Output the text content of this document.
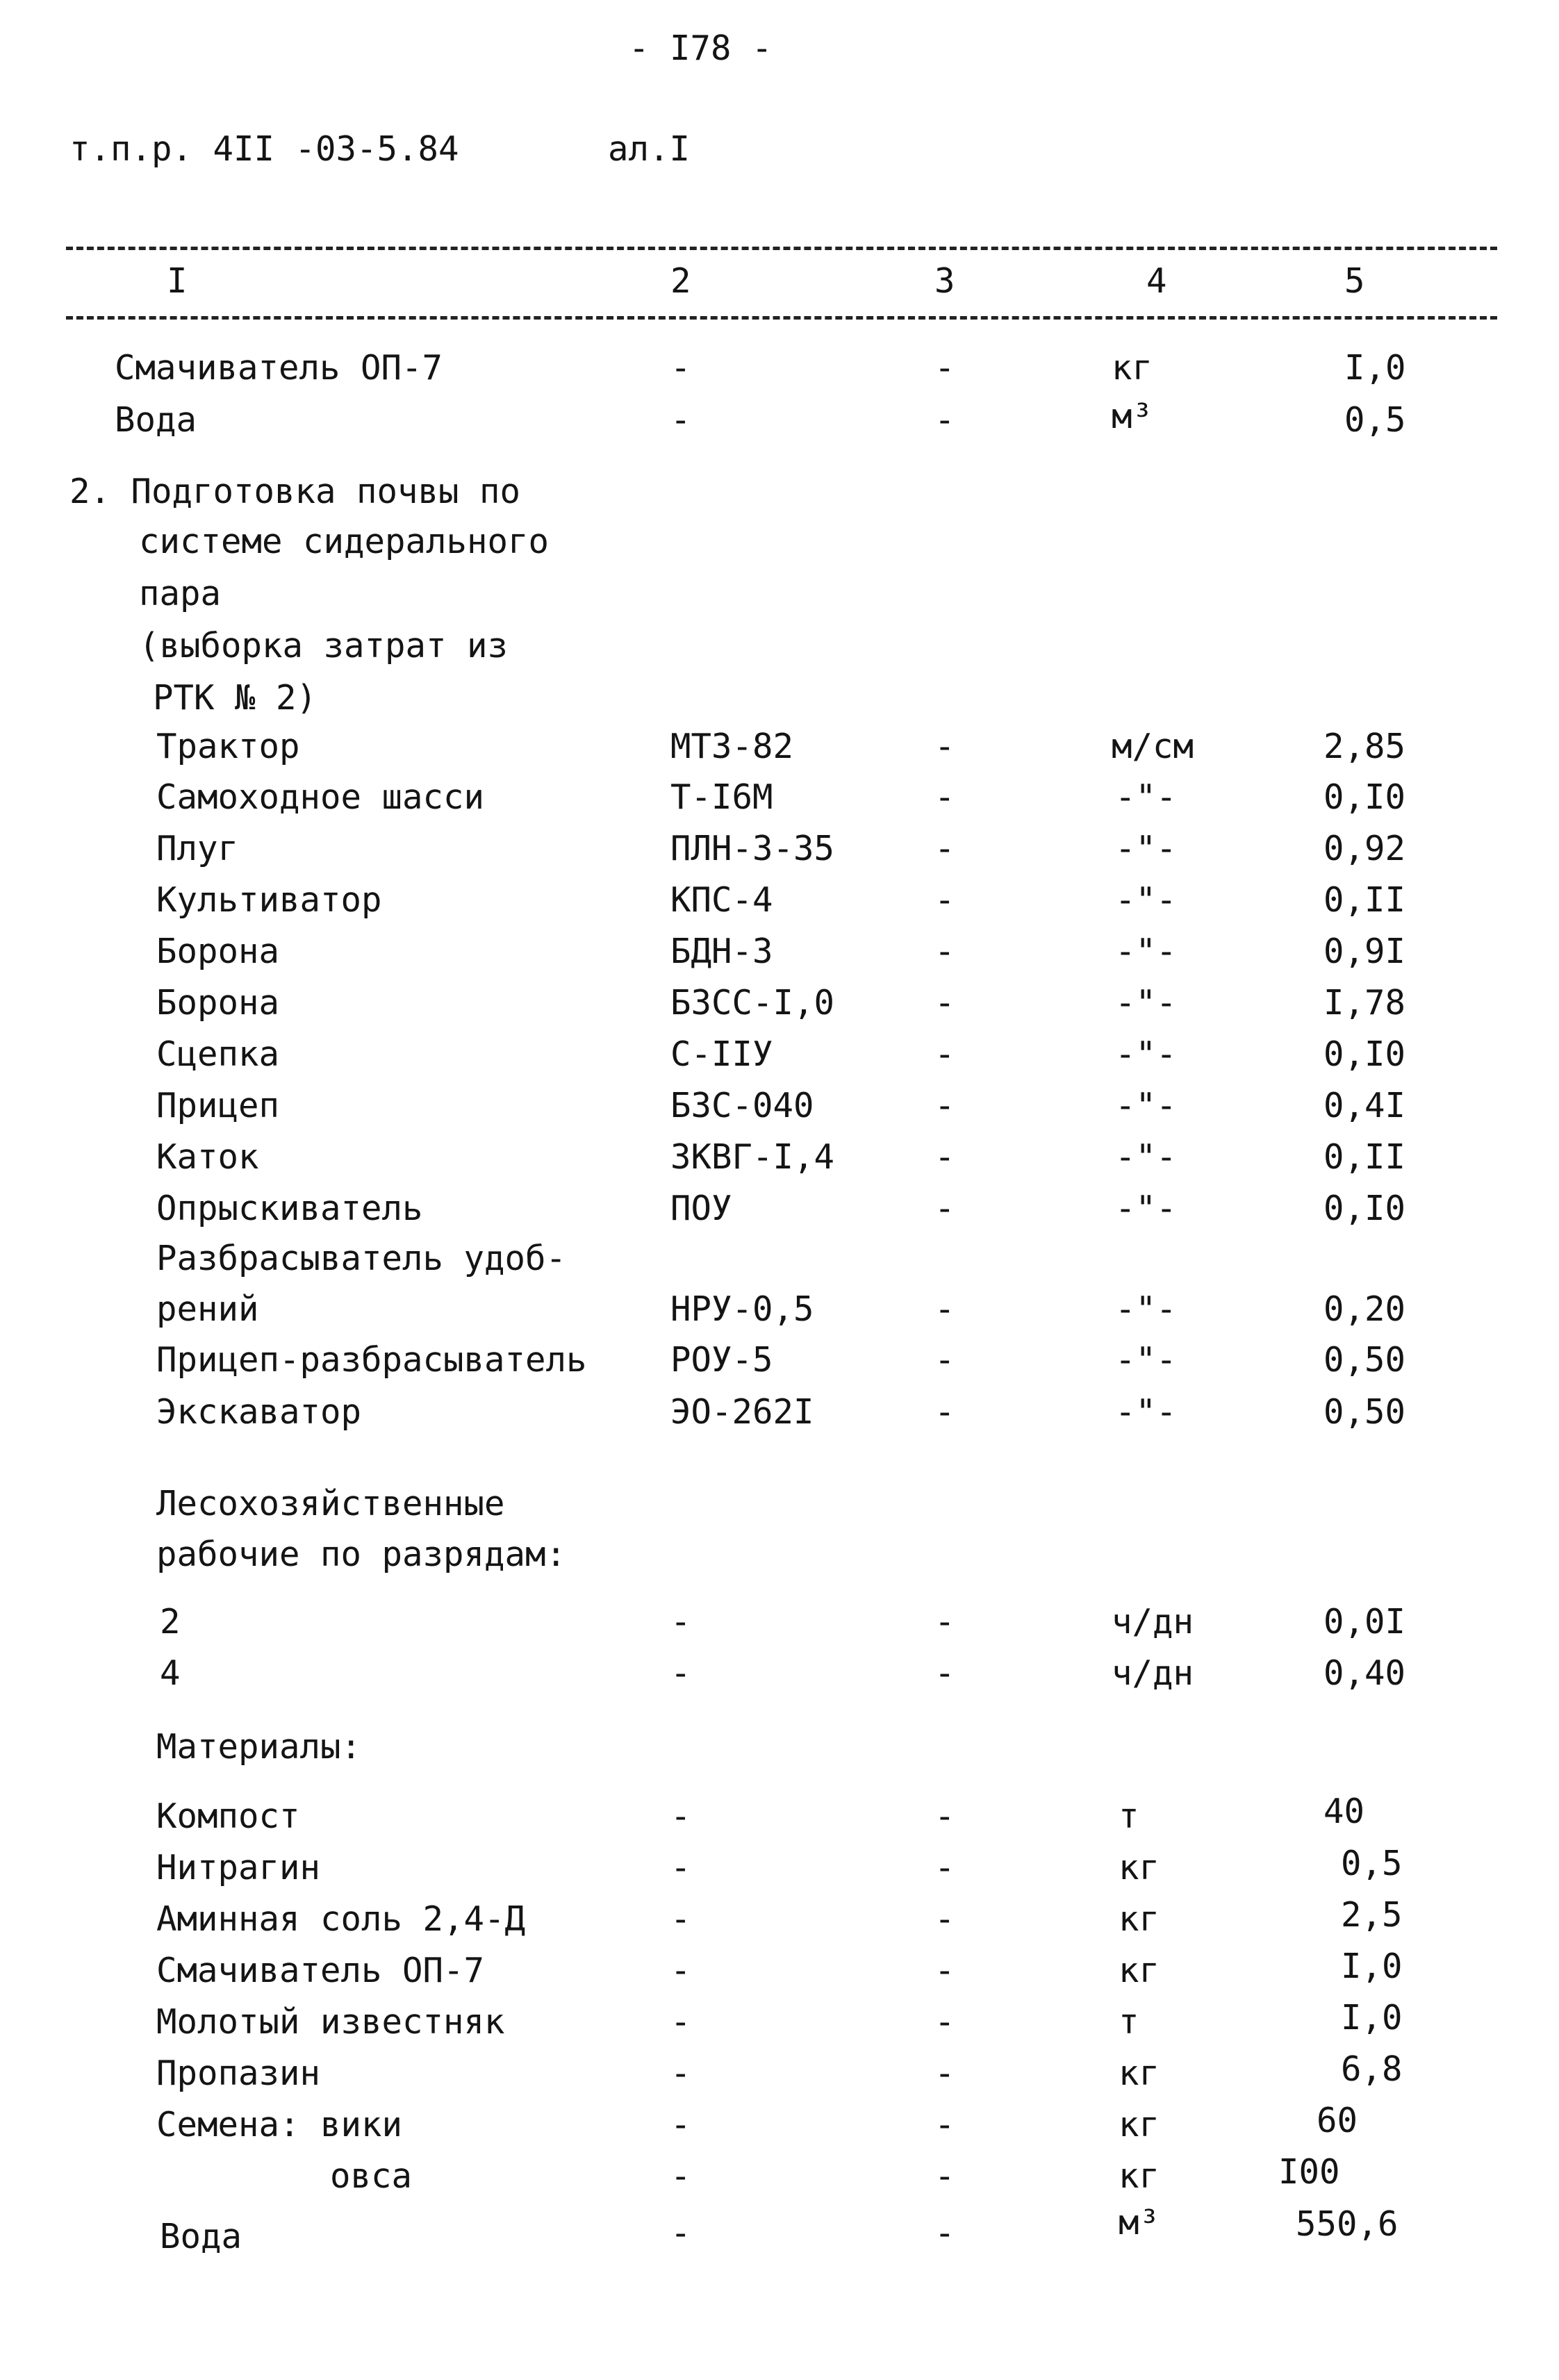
- I78 -
т.п.р. 4II -03-5.84	ал.I
I	2	3	4	5
Смачиватель ОП-7	-	-	кг	I,0
Вода	-	-	м³	0,5
2. Подготовка почвы по
системе сидерального
пара
(выборка затрат из
РТК № 2)
Трактор	МТЗ-82	-	м/см	2,85
Самоходное шасси	Т-I6М	-	-"-	0,I0
Плуг	ПЛН-3-35	-	-"-	0,92
Культиватор	КПС-4	-	-"-	0,II
Борона	БДН-3	-	-"-	0,9I
Борона	БЗСС-I,0	-	-"-	I,78
Сцепка	С-IIУ	-	-"-	0,I0
Прицеп	БЗС-040	-	-"-	0,4I
Каток	ЗКВГ-I,4	-	-"-	0,II
Опрыскиватель	ПОУ	-	-"-	0,I0
Разбрасыватель удоб-
рений	НРУ-0,5	-	-"-	0,20
Прицеп-разбрасыватель РОУ-5	-	-"-	0,50
Экскаватор	ЭО-262I	-	-"-	0,50
Лесохозяйственные
рабочие по разрядам:
2	-	-	ч/дн	0,0I
4	-	-	ч/дн	0,40
Материалы:
Компост	-	-	т	40
Нитрагин	-	-	кг	0,5
Аминная соль 2,4-Д	-	-	кг	2,5
Смачиватель ОП-7	-	-	кг	I,0
Молотый известняк	-	-	т	I,0
Пропазин	-	-	кг	6,8
Семена: вики	-	-	кг	60
овса	-	-	кг	I00
Вода	-	-	м³	550,6
